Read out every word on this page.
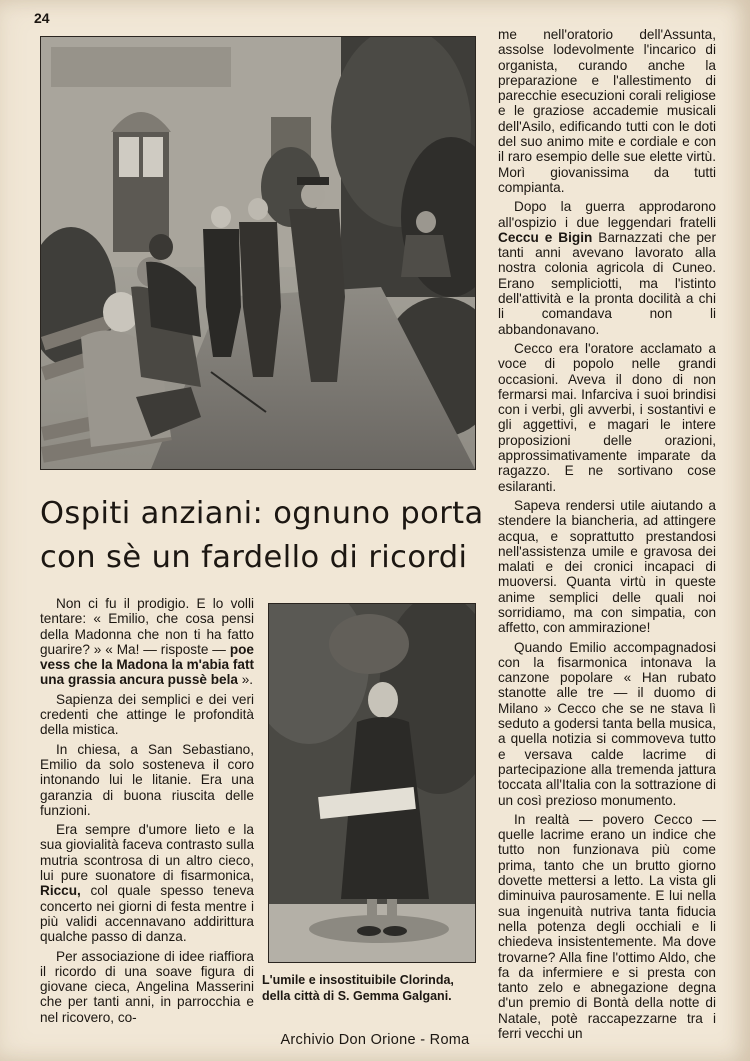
24
Ospiti anziani: ognuno porta
con sè un fardello di ricordi

Non ci fu il prodigio. E lo volli tentare: « Emilio, che cosa pensi della Madonna che non ti ha fatto guarire? » « Ma! — risposte — poe vess che la Madona la m'abia fatt una grassia ancura pussè bela ».

Sapienza dei semplici e dei veri credenti che attinge le profondità della mistica.

In chiesa, a San Sebastiano, Emilio da solo sosteneva il coro intonando lui le litanie. Era una garanzia di buona riuscita delle funzioni.

Era sempre d'umore lieto e la sua giovialità faceva contrasto sulla mutria scontrosa di un altro cieco, lui pure suonatore di fisarmonica, Riccu, col quale spesso teneva concerto nei giorni di festa mentre i più validi accennavano addirittura qualche passo di danza.

Per associazione di idee riaffiora il ricordo di una soave figura di giovane cieca, Angelina Masserini che per tanti anni, in parrocchia e nel ricovero, co-

L'umile e insostituibile Clorinda,
della città di S. Gemma Galgani.

me nell'oratorio dell'Assunta, assolse lodevolmente l'incarico di organista, curando anche la preparazione e l'allestimento di parecchie esecuzioni corali religiose e le graziose accademie musicali dell'Asilo, edificando tutti con le doti del suo animo mite e cordiale e con il raro esempio delle sue elette virtù. Morì giovanissima da tutti compianta.

Dopo la guerra approdarono all'ospizio i due leggendari fratelli Ceccu e Bigin Barnazzati che per tanti anni avevano lavorato alla nostra colonia agricola di Cuneo. Erano sempliciotti, ma l'istinto dell'attività e la pronta docilità a chi li comandava non li abbandonavano.

Cecco era l'oratore acclamato a voce di popolo nelle grandi occasioni. Aveva il dono di non fermarsi mai. Infarciva i suoi brindisi con i verbi, gli avverbi, i sostantivi e gli aggettivi, e magari le intere proposizioni delle orazioni, approssimativamente imparate da ragazzo. E ne sortivano cose esilaranti.

Sapeva rendersi utile aiutando a stendere la biancheria, ad attingere acqua, e soprattutto prestandosi nell'assistenza umile e gravosa dei malati e dei cronici incapaci di muoversi. Quanta virtù in queste anime semplici delle quali noi sorridiamo, ma con simpatia, con affetto, con ammirazione!

Quando Emilio accompagnadosi con la fisarmonica intonava la canzone popolare « Han rubato stanotte alle tre — il duomo di Milano » Cecco che se ne stava lì seduto a godersi tanta bella musica, a quella notizia si commoveva tutto e versava calde lacrime di partecipazione alla tremenda jattura toccata all'Italia con la sottrazione di un così prezioso monumento.

In realtà — povero Cecco — quelle lacrime erano un indice che tutto non funzionava più come prima, tanto che un brutto giorno dovette mettersi a letto. La vista gli diminuiva paurosamente. E lui nella sua ingenuità nutriva tanta fiducia nella potenza degli occhiali e li chiedeva insistentemente. Ma dove trovarne? Alla fine l'ottimo Aldo, che fa da infermiere e si presta con tanto zelo e abnegazione degna d'un premio di Bontà della notte di Natale, potè raccapezzarne tra i ferri vecchi un

Archivio Don Orione - Roma
